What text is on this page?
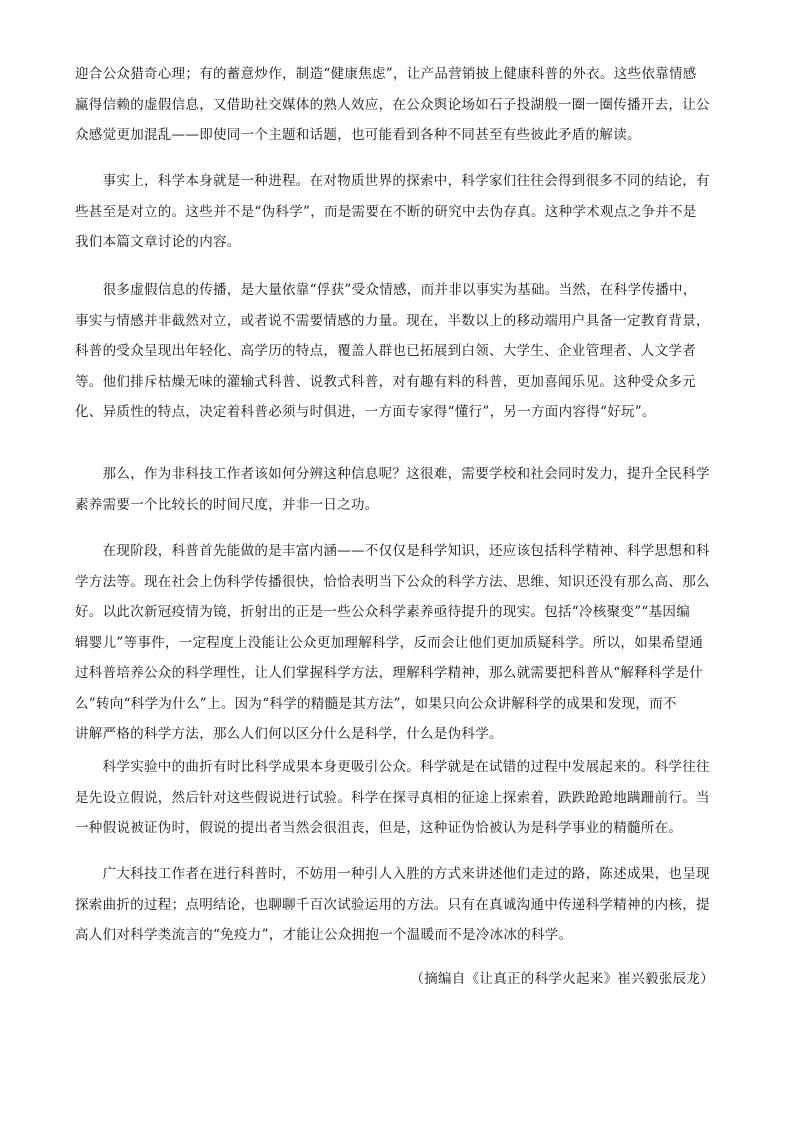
迎合公众猎奇心理；有的蓄意炒作，制造“健康焦虑”，让产品营销披上健康科普的外衣。这些依靠情感
赢得信赖的虚假信息，又借助社交媒体的熟人效应，在公众舆论场如石子投湖般一圈一圈传播开去，让公
众感觉更加混乱——即使同一个主题和话题，也可能看到各种不同甚至有些彼此矛盾的解读。
　　事实上，科学本身就是一种进程。在对物质世界的探索中，科学家们往往会得到很多不同的结论，有
些甚至是对立的。这些并不是“伪科学”，而是需要在不断的研究中去伪存真。这种学术观点之争并不是
我们本篇文章讨论的内容。
　　很多虚假信息的传播，是大量依靠“俘获”受众情感，而并非以事实为基础。当然，在科学传播中，
事实与情感并非截然对立，或者说不需要情感的力量。现在，半数以上的移动端用户具备一定教育背景，
科普的受众呈现出年轻化、高学历的特点，覆盖人群也已拓展到白领、大学生、企业管理者、人文学者
等。他们排斥枯燥无味的灌输式科普、说教式科普，对有趣有料的科普，更加喜闻乐见。这种受众多元
化、异质性的特点，决定着科普必须与时俱进，一方面专家得“懂行”，另一方面内容得“好玩”。
　　那么，作为非科技工作者该如何分辨这种信息呢？这很难，需要学校和社会同时发力，提升全民科学
素养需要一个比较长的时间尺度，并非一日之功。
　　在现阶段，科普首先能做的是丰富内涵——不仅仅是科学知识，还应该包括科学精神、科学思想和科
学方法等。现在社会上伪科学传播很快，恰恰表明当下公众的科学方法、思维、知识还没有那么高、那么
好。以此次新冠疫情为镜，折射出的正是一些公众科学素养亟待提升的现实。包括“冷核聚变”“基因编
辑婴儿”等事件，一定程度上没能让公众更加理解科学，反而会让他们更加质疑科学。所以，如果希望通
过科普培养公众的科学理性，让人们掌握科学方法，理解科学精神，那么就需要把科普从“解释科学是什
么”转向“科学为什么”上。因为“科学的精髓是其方法”，如果只向公众讲解科学的成果和发现，而不
讲解严格的科学方法，那么人们何以区分什么是科学，什么是伪科学。
　　科学实验中的曲折有时比科学成果本身更吸引公众。科学就是在试错的过程中发展起来的。科学往往
是先设立假说，然后针对这些假说进行试验。科学在探寻真相的征途上探索着，跌跌跄跄地蹒跚前行。当
一种假说被证伪时，假说的提出者当然会很沮丧，但是，这种证伪恰被认为是科学事业的精髓所在。
　　广大科技工作者在进行科普时，不妨用一种引人入胜的方式来讲述他们走过的路，陈述成果，也呈现
探索曲折的过程；点明结论，也聊聊千百次试验运用的方法。只有在真诚沟通中传递科学精神的内核，提
高人们对科学类流言的“免疫力”，才能让公众拥抱一个温暖而不是冷冰冰的科学。
（摘编自《让真正的科学火起来》崔兴毅张辰龙）
